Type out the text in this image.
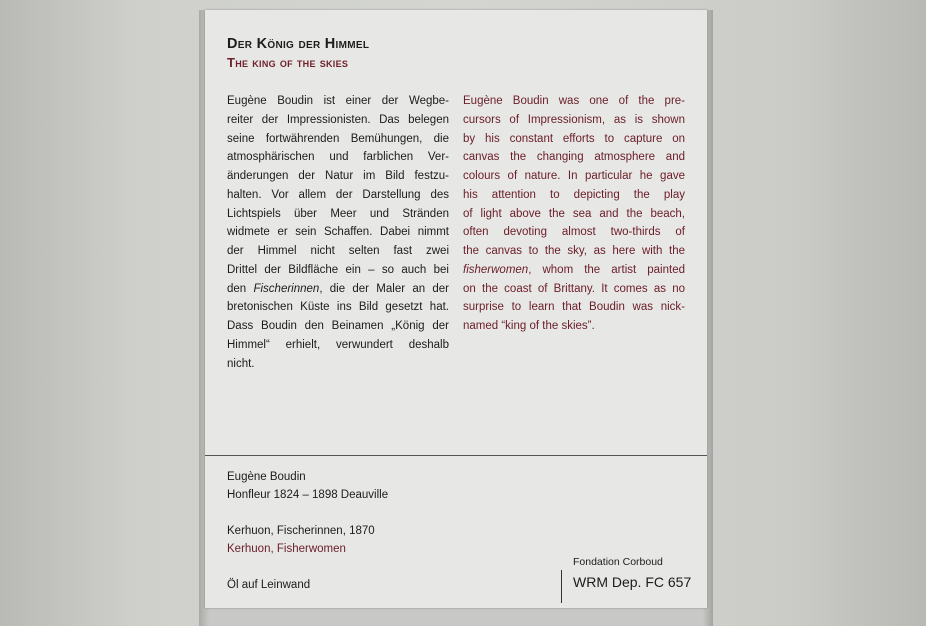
Der König der Himmel
The king of the skies
Eugène Boudin ist einer der Wegbe-
reiter der Impressionisten. Das belegen
seine fortwährenden Bemühungen, die
atmosphärischen und farblichen Ver-
änderungen der Natur im Bild festzu-
halten. Vor allem der Darstellung des
Lichtspiels über Meer und Stränden
widmete er sein Schaffen. Dabei nimmt
der Himmel nicht selten fast zwei
Drittel der Bildfläche ein – so auch bei
den Fischerinnen, die der Maler an der
bretonischen Küste ins Bild gesetzt hat.
Dass Boudin den Beinamen „König der
Himmel“ erhielt, verwundert deshalb
nicht.
Eugène Boudin was one of the pre-
cursors of Impressionism, as is shown
by his constant efforts to capture on
canvas the changing atmosphere and
colours of nature. In particular he gave
his attention to depicting the play
of light above the sea and the beach,
often devoting almost two-thirds of
the canvas to the sky, as here with the
fisherwomen, whom the artist painted
on the coast of Brittany. It comes as no
surprise to learn that Boudin was nick-
named “king of the skies”.
Eugène Boudin
Honfleur 1824 – 1898 Deauville
Kerhuon, Fischerinnen, 1870
Kerhuon, Fisherwomen
Öl auf Leinwand
Fondation Corboud
WRM Dep. FC 657
